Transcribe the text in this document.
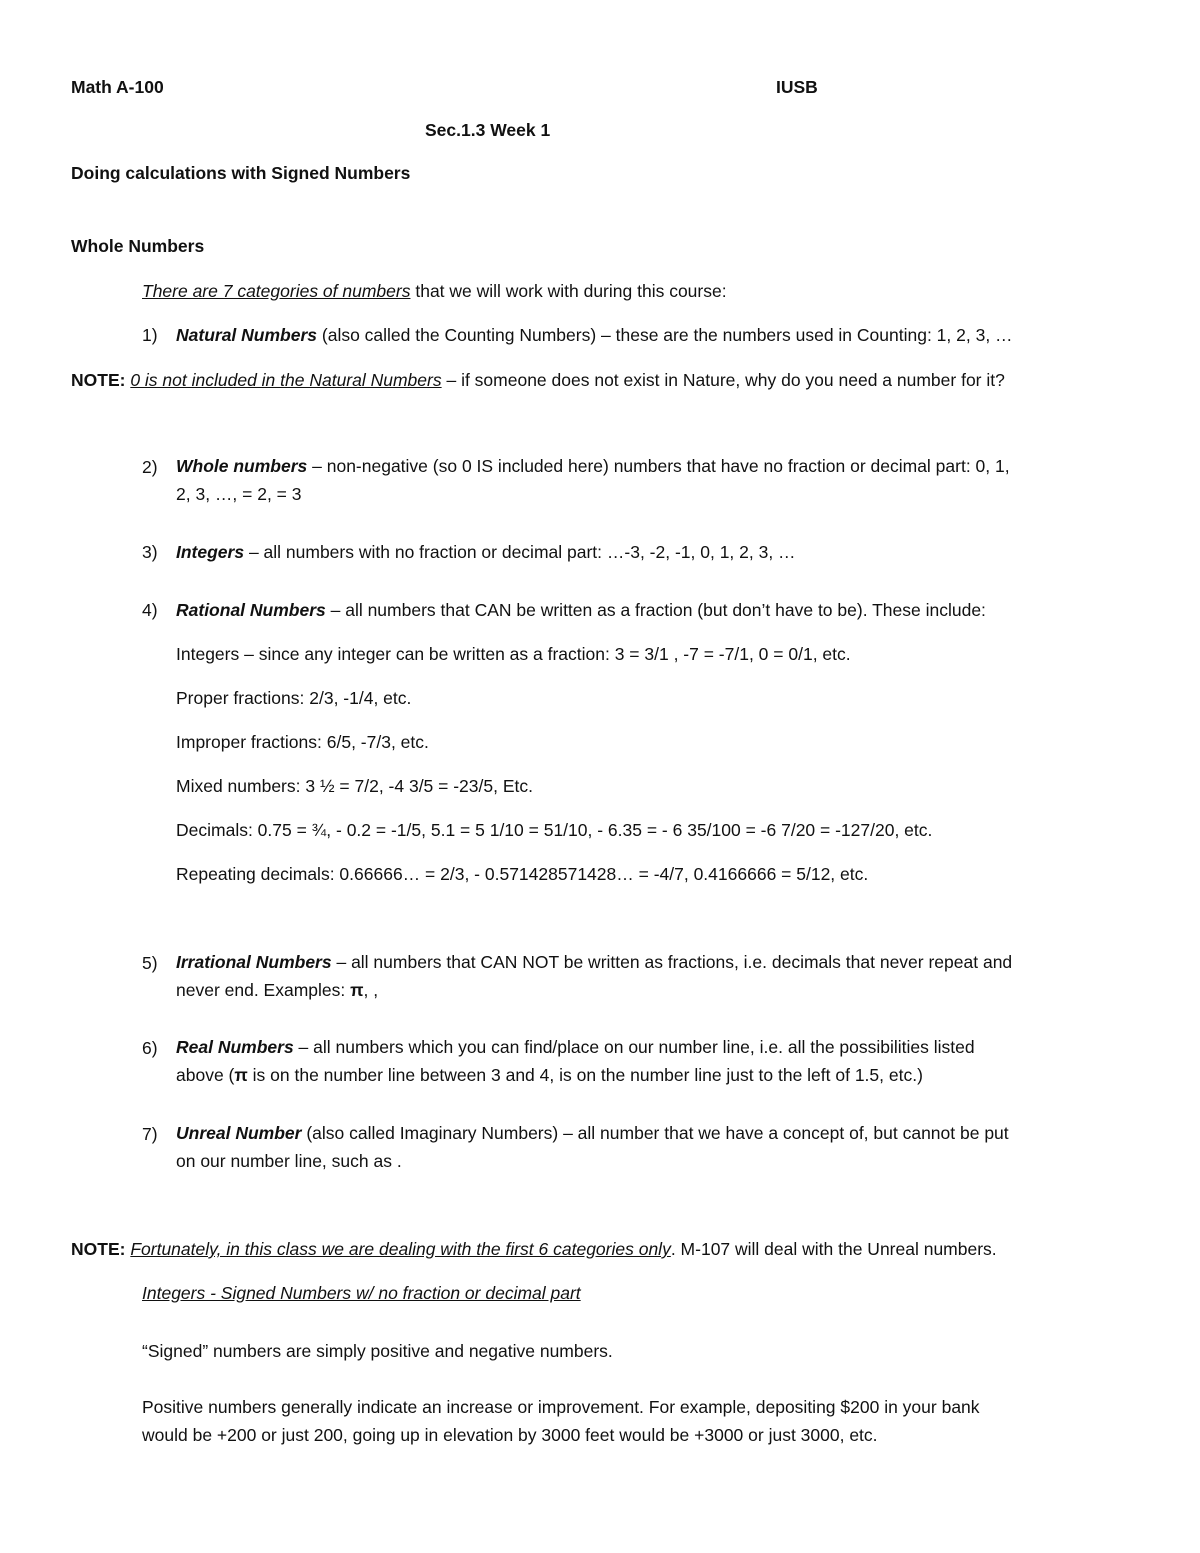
Math A-100	IUSB
Sec.1.3 Week 1
Doing calculations with Signed Numbers
Whole Numbers
There are 7 categories of numbers that we will work with during this course:
1) Natural Numbers (also called the Counting Numbers) – these are the numbers used in Counting: 1, 2, 3, …
NOTE: 0 is not included in the Natural Numbers – if someone does not exist in Nature, why do you need a number for it?
2) Whole numbers – non-negative (so 0 IS included here) numbers that have no fraction or decimal part: 0, 1,
2, 3, …, = 2, = 3
3) Integers – all numbers with no fraction or decimal part: …-3, -2, -1, 0, 1, 2, 3, …
4) Rational Numbers – all numbers that CAN be written as a fraction (but don’t have to be). These include:
Integers – since any integer can be written as a fraction: 3 = 3/1 , -7 = -7/1, 0 = 0/1, etc.
Proper fractions: 2/3, -1/4, etc.
Improper fractions: 6/5, -7/3, etc.
Mixed numbers: 3 ½ = 7/2, -4 3/5 = -23/5, Etc.
Decimals: 0.75 = ¾, - 0.2 = -1/5, 5.1 = 5 1/10 = 51/10, - 6.35 = - 6 35/100 = -6 7/20 = -127/20, etc.
Repeating decimals: 0.66666… = 2/3, - 0.571428571428… = -4/7, 0.4166666 = 5/12, etc.
5) Irrational Numbers – all numbers that CAN NOT be written as fractions, i.e. decimals that never repeat and
never end. Examples: π, ,
6) Real Numbers – all numbers which you can find/place on our number line, i.e. all the possibilities listed
above (π is on the number line between 3 and 4, is on the number line just to the left of 1.5, etc.)
7) Unreal Number (also called Imaginary Numbers) – all number that we have a concept of, but cannot be put
on our number line, such as .
NOTE: Fortunately, in this class we are dealing with the first 6 categories only. M-107 will deal with the Unreal numbers.
Integers - Signed Numbers w/ no fraction or decimal part
“Signed” numbers are simply positive and negative numbers.
Positive numbers generally indicate an increase or improvement. For example, depositing $200 in your bank
would be +200 or just 200, going up in elevation by 3000 feet would be +3000 or just 3000, etc.
